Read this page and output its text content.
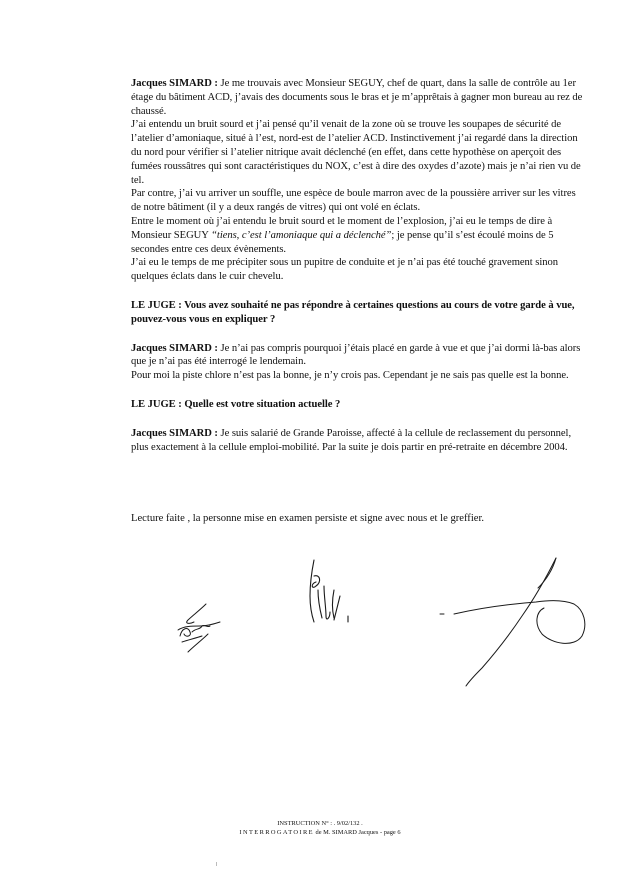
Jacques SIMARD : Je me trouvais avec Monsieur SEGUY, chef de quart, dans la salle de contrôle au 1er étage du bâtiment ACD, j’avais des documents sous le bras et je m’apprêtais à gagner mon bureau au rez de chaussé.

J’ai entendu un bruit sourd et j’ai pensé qu’il venait de la zone où se trouve les soupapes de sécurité de l’atelier d’amoniaque, situé à l’est, nord-est de l’atelier ACD. Instinctivement j’ai regardé dans la direction du nord pour vérifier si l’atelier nitrique avait déclenché (en effet, dans cette hypothèse on aperçoit des fumées roussâtres qui sont caractéristiques du NOX, c’est à dire des oxydes d’azote) mais je n’ai rien vu de tel.

Par contre, j’ai vu arriver un souffle, une espèce de boule marron avec de la poussière arriver sur les vitres de notre bâtiment (il y a deux rangés de vitres) qui ont volé en éclats.

Entre le moment où j’ai entendu le bruit sourd et le moment de l’explosion, j’ai eu le temps de dire à Monsieur SEGUY “tiens, c’est l’amoniaque qui a déclenché”; je pense qu’il s’est écoulé moins de 5 secondes entre ces deux évènements.

J’ai eu le temps de me précipiter sous un pupitre de conduite et je n’ai pas été touché gravement sinon quelques éclats dans le cuir chevelu.

LE JUGE : Vous avez souhaité ne pas répondre à certaines questions au cours de votre garde à vue, pouvez-vous vous en expliquer ?

Jacques SIMARD : Je n’ai pas compris pourquoi j’étais placé en garde à vue et que j’ai dormi là-bas alors que je n’ai pas été interrogé le lendemain.

Pour moi la piste chlore n’est pas la bonne, je n’y crois pas. Cependant je ne sais pas quelle est la bonne.

LE JUGE : Quelle est votre situation actuelle ?

Jacques SIMARD : Je suis salarié de Grande Paroisse, affecté à la cellule de reclassement du personnel, plus exactement à la cellule emploi-mobilité. Par la suite je dois partir en pré-retraite en décembre 2004.

Lecture faite , la personne mise en examen persiste et signe avec nous et le greffier.

INSTRUCTION N° : . 9/02/132 .
INTERROGATOIRE de M. SIMARD Jacques - page 6
